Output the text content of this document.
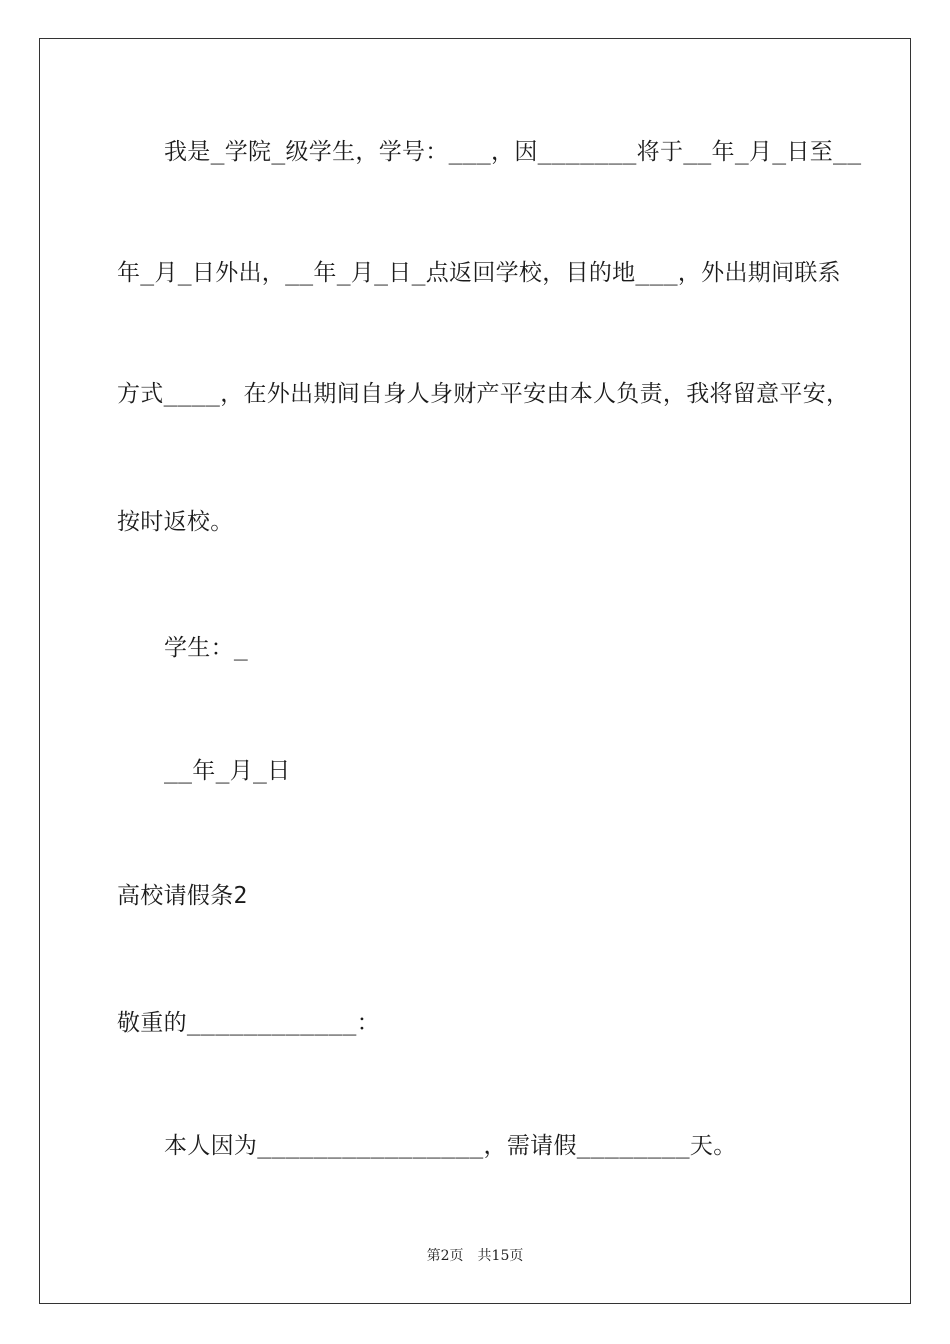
我是_学院_级学生，学号：___，因_______将于__年_月_日至__
年_月_日外出，__年_月_日_点返回学校，目的地___，外出期间联系
方式____，在外出期间自身人身财产平安由本人负责，我将留意平安，
按时返校。
学生：_
__年_月_日
高校请假条2
敬重的____________：
本人因为________________，需请假________天。
第2页　共15页
